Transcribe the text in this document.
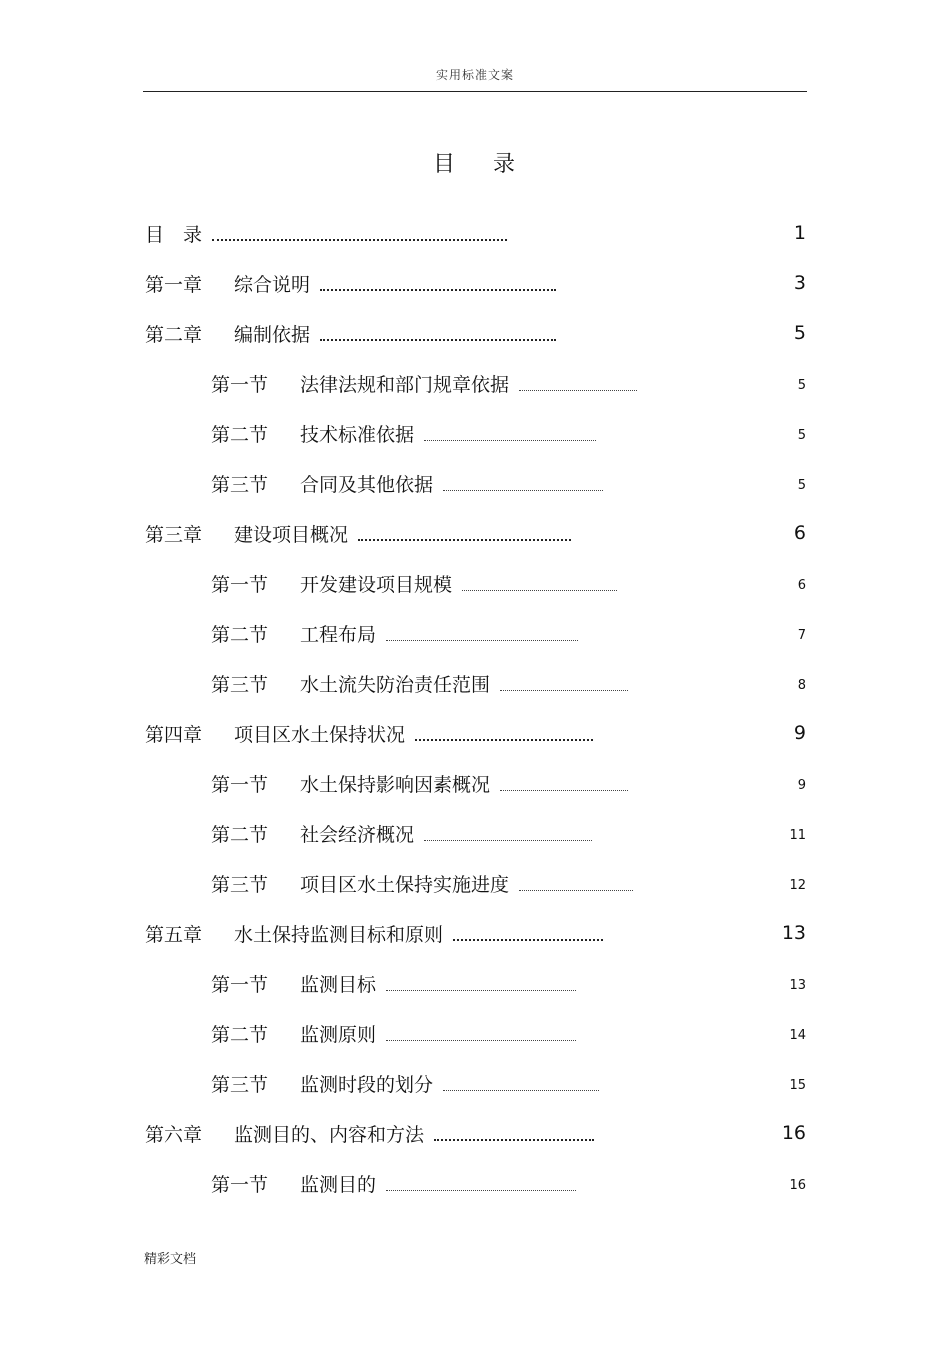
实用标准文案
目 录
目　录	1
第一章 综合说明	3
第二章 编制依据	5
第一节 法律法规和部门规章依据	5
第二节 技术标准依据	5
第三节 合同及其他依据	5
第三章 建设项目概况	6
第一节 开发建设项目规模	6
第二节 工程布局	7
第三节 水土流失防治责任范围	8
第四章 项目区水土保持状况	9
第一节 水土保持影响因素概况	9
第二节 社会经济概况	11
第三节 项目区水土保持实施进度	12
第五章 水土保持监测目标和原则	13
第一节 监测目标	13
第二节 监测原则	14
第三节 监测时段的划分	15
第六章 监测目的、内容和方法	16
第一节 监测目的	16
精彩文档
